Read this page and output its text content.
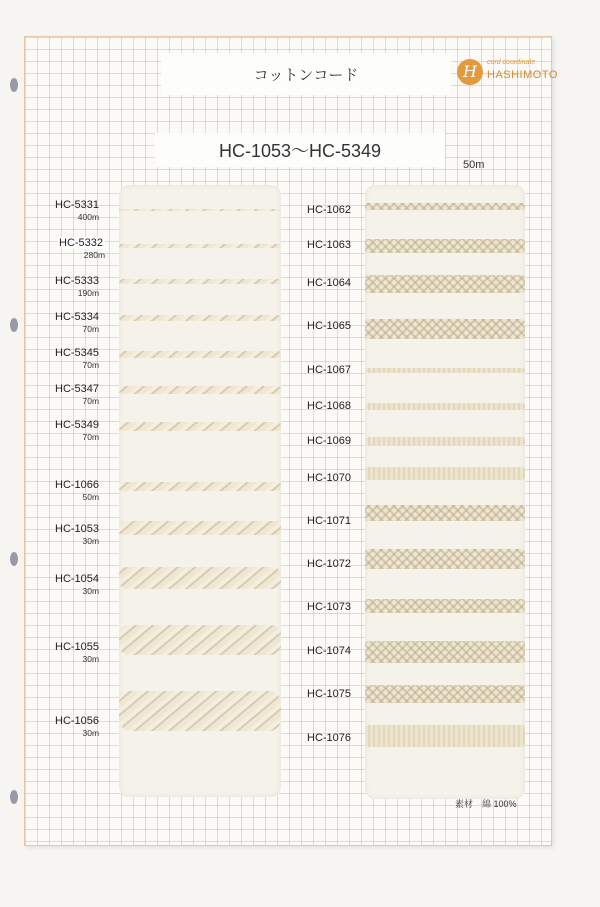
コットンコード	H	cord coordinate
HASHIMOTO
HC-1053〜HC-5349
50m
HC-5331
400m
HC-5332
280m
HC-5333
190m
HC-5334
70m
HC-5345
70m
HC-5347
70m
HC-5349
70m
HC-1066
50m
HC-1053
30m
HC-1054
30m
HC-1055
30m
HC-1056
30m
HC-1062
HC-1063
HC-1064
HC-1065
HC-1067
HC-1068
HC-1069
HC-1070
HC-1071
HC-1072
HC-1073
HC-1074
HC-1075
HC-1076
素材　綿 100%
